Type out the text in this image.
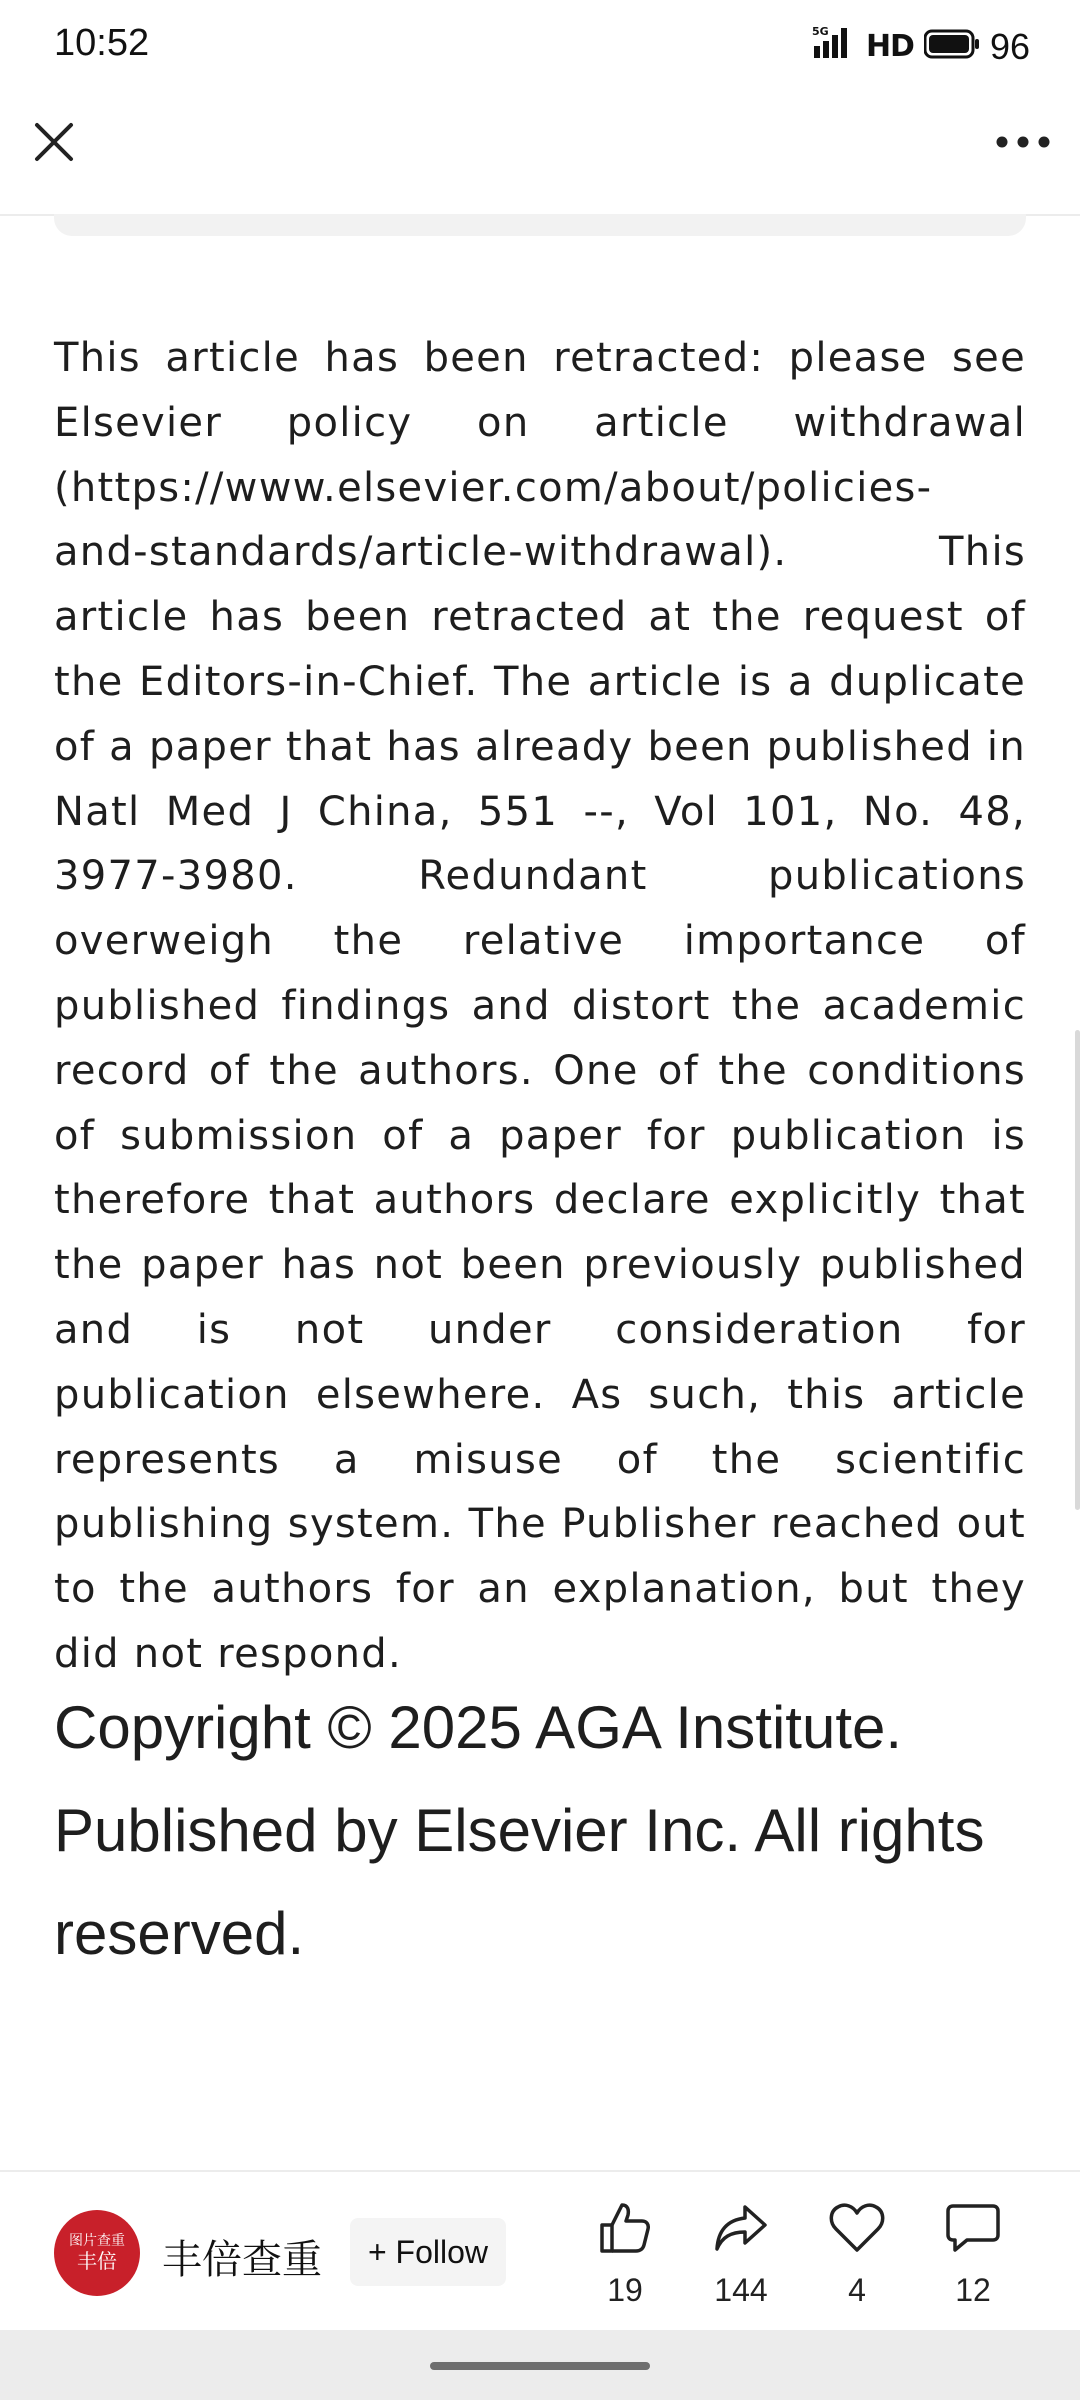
10:52	5G HD 96

This article has been retracted: please see Elsevier policy on article withdrawal (https://www.elsevier.com/about/policies-and-standards/article-withdrawal). This article has been retracted at the request of the Editors-in-Chief. The article is a duplicate of a paper that has already been published in Natl Med J China, 551 --, Vol 101, No. 48, 3977-3980. Redundant publications overweigh the relative importance of published findings and distort the academic record of the authors. One of the conditions of submission of a paper for publication is therefore that authors declare explicitly that the paper has not been previously published and is not under consideration for publication elsewhere. As such, this article represents a misuse of the scientific publishing system. The Publisher reached out to the authors for an explanation, but they did not respond.

Copyright © 2025 AGA Institute. Published by Elsevier Inc. All rights reserved.

图片查重
丰倍 丰倍查重	+ Follow
19	144	4	12
